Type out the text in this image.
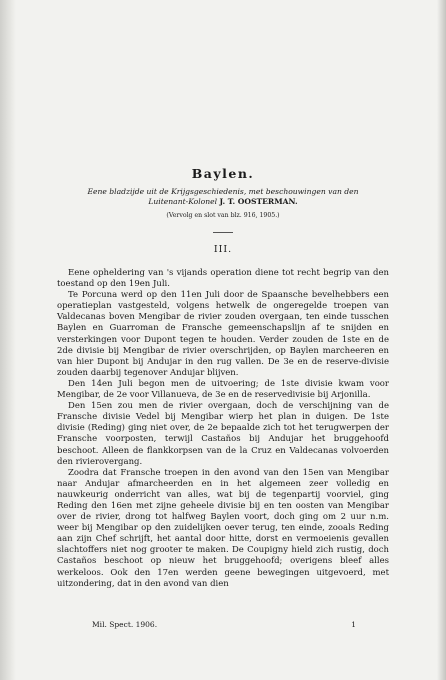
Baylen.

Eene bladzijde uit de Krijgsgeschiedenis, met beschouwingen van den
Luitenant-Kolonel J. T. OOSTERMAN.

(Vervolg en slot van blz. 916, 1905.)

III.

Eene opheldering van 's vijands operation diene tot recht begrip van den toestand op den 19en Juli.

Te Porcuna werd op den 11en Juli door de Spaansche bevelhebbers een operatieplan vastgesteld, volgens hetwelk de ongeregelde troepen van Valdecanas boven Mengibar de rivier zouden overgaan, ten einde tusschen Baylen en Guarroman de Fransche gemeenschapslijn af te snijden en versterkingen voor Dupont tegen te houden. Verder zouden de 1ste en de 2de divisie bij Mengibar de rivier overschrijden, op Baylen marcheeren en van hier Dupont bij Andujar in den rug vallen. De 3e en de reserve-divisie zouden daarbij tegenover Andujar blijven.

Den 14en Juli begon men de uitvoering; de 1ste divisie kwam voor Mengibar, de 2e voor Villanueva, de 3e en de reservedivisie bij Arjonilla.

Den 15en zou men de rivier overgaan, doch de verschijning van de Fransche divisie Vedel bij Mengibar wierp het plan in duigen. De 1ste divisie (Reding) ging niet over, de 2e bepaalde zich tot het terugwerpen der Fransche voorposten, terwijl Castaños bij Andujar het bruggehoofd beschoot. Alleen de flankkorpsen van de la Cruz en Valdecanas volvoerden den rivierovergang.

Zoodra dat Fransche troepen in den avond van den 15en van Mengibar naar Andujar afmarcheerden en in het algemeen zeer volledig en nauwkeurig onderricht van alles, wat bij de tegenpartij voorviel, ging Reding den 16en met zijne geheele divisie bij en ten oosten van Mengibar over de rivier, drong tot halfweg Baylen voort, doch ging om 2 uur n.m. weer bij Mengibar op den zuidelijken oever terug, ten einde, zooals Reding aan zijn Chef schrijft, het aantal door hitte, dorst en vermoeienis gevallen slachtoffers niet nog grooter te maken. De Coupigny hield zich rustig, doch Castaños beschoot op nieuw het bruggehoofd; overigens bleef alles werkeloos. Ook den 17en werden geene bewegingen uitgevoerd, met uitzondering, dat in den avond van dien

Mil. Spect. 1906.	1
